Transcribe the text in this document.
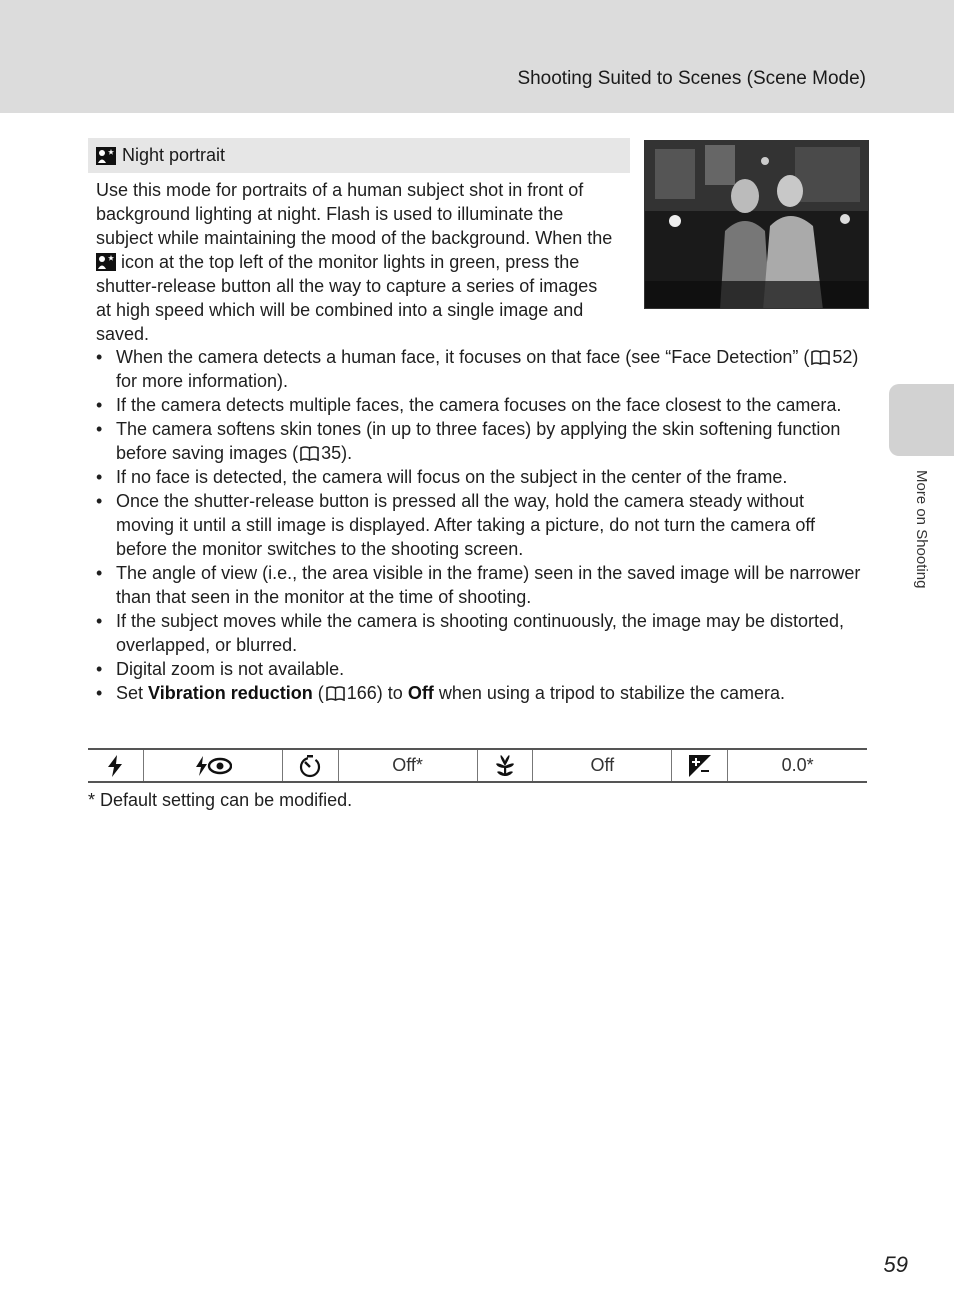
Shooting Suited to Scenes (Scene Mode)
Night portrait
Use this mode for portraits of a human subject shot in front of background lighting at night. Flash is used to illuminate the subject while maintaining the mood of the background. When the  icon at the top left of the monitor lights in green, press the shutter-release button all the way to capture a series of images at high speed which will be combined into a single image and saved.
• When the camera detects a human face, it focuses on that face (see “Face Detection” ( 52) for more information).
• If the camera detects multiple faces, the camera focuses on the face closest to the camera.
• The camera softens skin tones (in up to three faces) by applying the skin softening function before saving images ( 35).
• If no face is detected, the camera will focus on the subject in the center of the frame.
• Once the shutter-release button is pressed all the way, hold the camera steady without moving it until a still image is displayed. After taking a picture, do not turn the camera off before the monitor switches to the shooting screen.
• The angle of view (i.e., the area visible in the frame) seen in the saved image will be narrower than that seen in the monitor at the time of shooting.
• If the subject moves while the camera is shooting continuously, the image may be distorted, overlapped, or blurred.
• Digital zoom is not available.
• Set Vibration reduction ( 166) to Off when using a tripod to stabilize the camera.
Off*	Off	0.0*
* Default setting can be modified.
More on Shooting
59
